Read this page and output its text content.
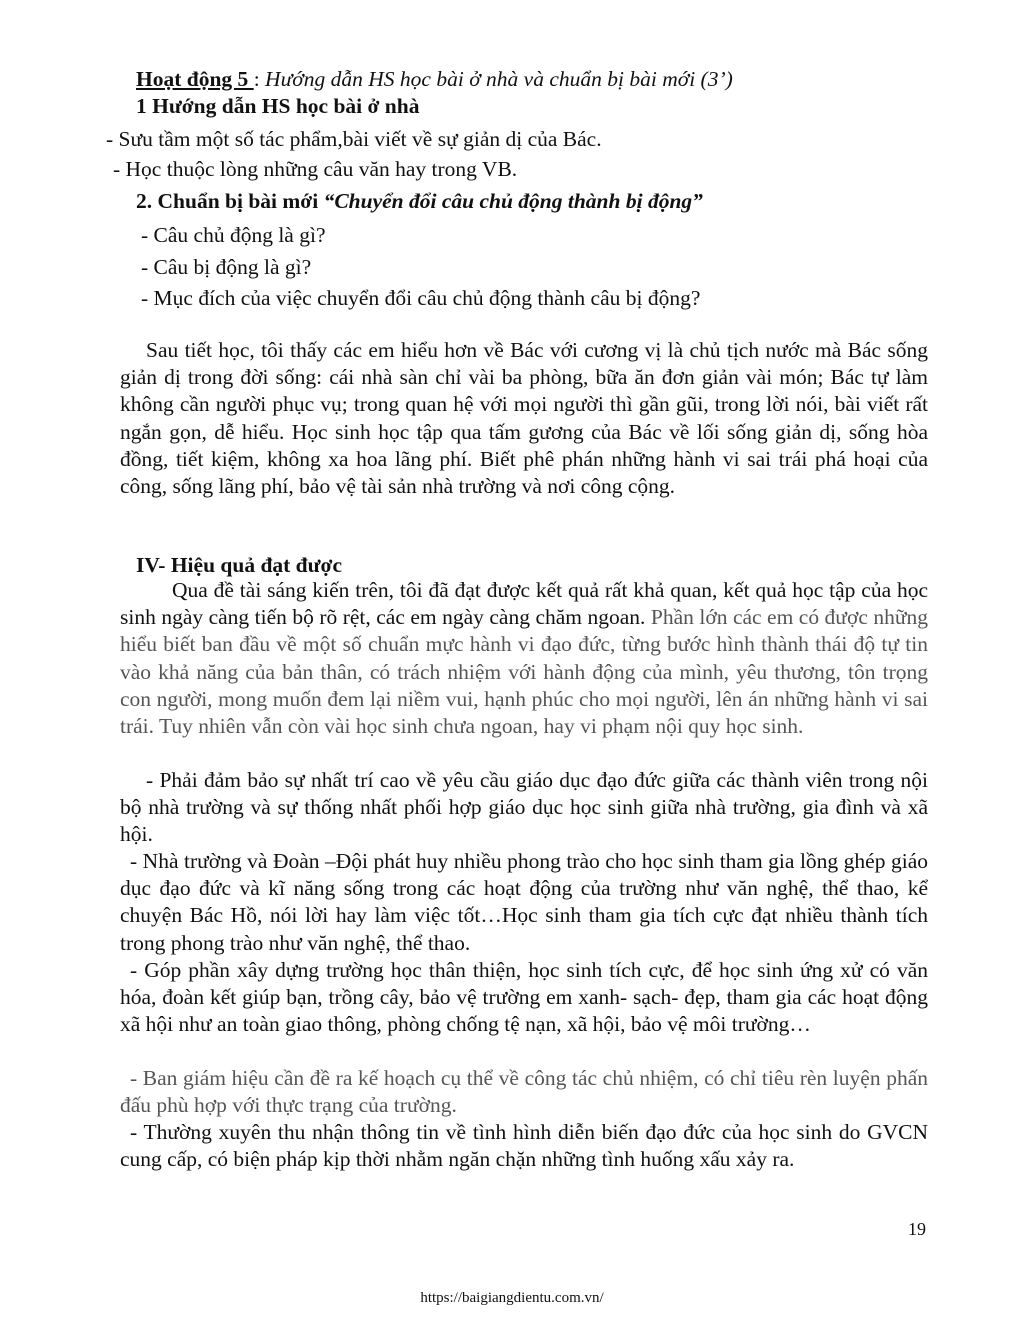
Hoạt động 5 : Hướng dẫn HS học bài ở nhà và chuẩn bị bài mới (3’)
1 Hướng dẫn HS học bài ở nhà
- Sưu tầm một số tác phẩm,bài viết về sự giản dị của Bác.
- Học thuộc lòng những câu văn hay trong VB.
2. Chuẩn bị bài mới “Chuyển đổi câu chủ động thành bị động”
- Câu chủ động là gì?
- Câu bị động là gì?
- Mục đích của việc chuyển đổi câu chủ động thành câu bị động?
Sau tiết học, tôi thấy các em hiểu hơn về Bác với cương vị là chủ tịch nước mà Bác sống giản dị trong đời sống: cái nhà sàn chỉ vài ba phòng, bữa ăn đơn giản vài món; Bác tự làm không cần người phục vụ; trong quan hệ với mọi người thì gần gũi, trong lời nói, bài viết rất ngắn gọn, dễ hiểu. Học sinh học tập qua tấm gương của Bác về lối sống giản dị, sống hòa đồng, tiết kiệm, không xa hoa lãng phí. Biết phê phán những hành vi sai trái phá hoại của công, sống lãng phí, bảo vệ tài sản nhà trường và nơi công cộng.
IV- Hiệu quả đạt được
Qua đề tài sáng kiến trên, tôi đã đạt được kết quả rất khả quan, kết quả học tập của học sinh ngày càng tiến bộ rõ rệt, các em ngày càng chăm ngoan. Phần lớn các em có được những hiểu biết ban đầu về một số chuẩn mực hành vi đạo đức, từng bước hình thành thái độ tự tin vào khả năng của bản thân, có trách nhiệm với hành động của mình, yêu thương, tôn trọng con người, mong muốn đem lại niềm vui, hạnh phúc cho mọi người, lên án những hành vi sai trái. Tuy nhiên vẫn còn vài học sinh chưa ngoan, hay vi phạm nội quy học sinh.
- Phải đảm bảo sự nhất trí cao về yêu cầu giáo dục đạo đức giữa các thành viên trong nội bộ nhà trường và sự thống nhất phối hợp giáo dục học sinh giữa nhà trường, gia đình và xã hội.
- Nhà trường và Đoàn –Đội phát huy nhiều phong trào cho học sinh tham gia lồng ghép giáo dục đạo đức và kĩ năng sống trong các hoạt động của trường như văn nghệ, thể thao, kể chuyện Bác Hồ, nói lời hay làm việc tốt…Học sinh tham gia tích cực đạt nhiều thành tích trong phong trào như văn nghệ, thể thao.
- Góp phần xây dựng trường học thân thiện, học sinh tích cực, để học sinh ứng xử có văn hóa, đoàn kết giúp bạn, trồng cây, bảo vệ trường em xanh- sạch- đẹp, tham gia các hoạt động xã hội như an toàn giao thông, phòng chống tệ nạn, xã hội, bảo vệ môi trường…
- Ban giám hiệu cần đề ra kế hoạch cụ thể về công tác chủ nhiệm, có chỉ tiêu rèn luyện phấn đấu phù hợp với thực trạng của trường.
- Thường xuyên thu nhận thông tin về tình hình diễn biến đạo đức của học sinh do GVCN cung cấp, có biện pháp kịp thời nhằm ngăn chặn những tình huống xấu xảy ra.
19
https://baigiangdientu.com.vn/
